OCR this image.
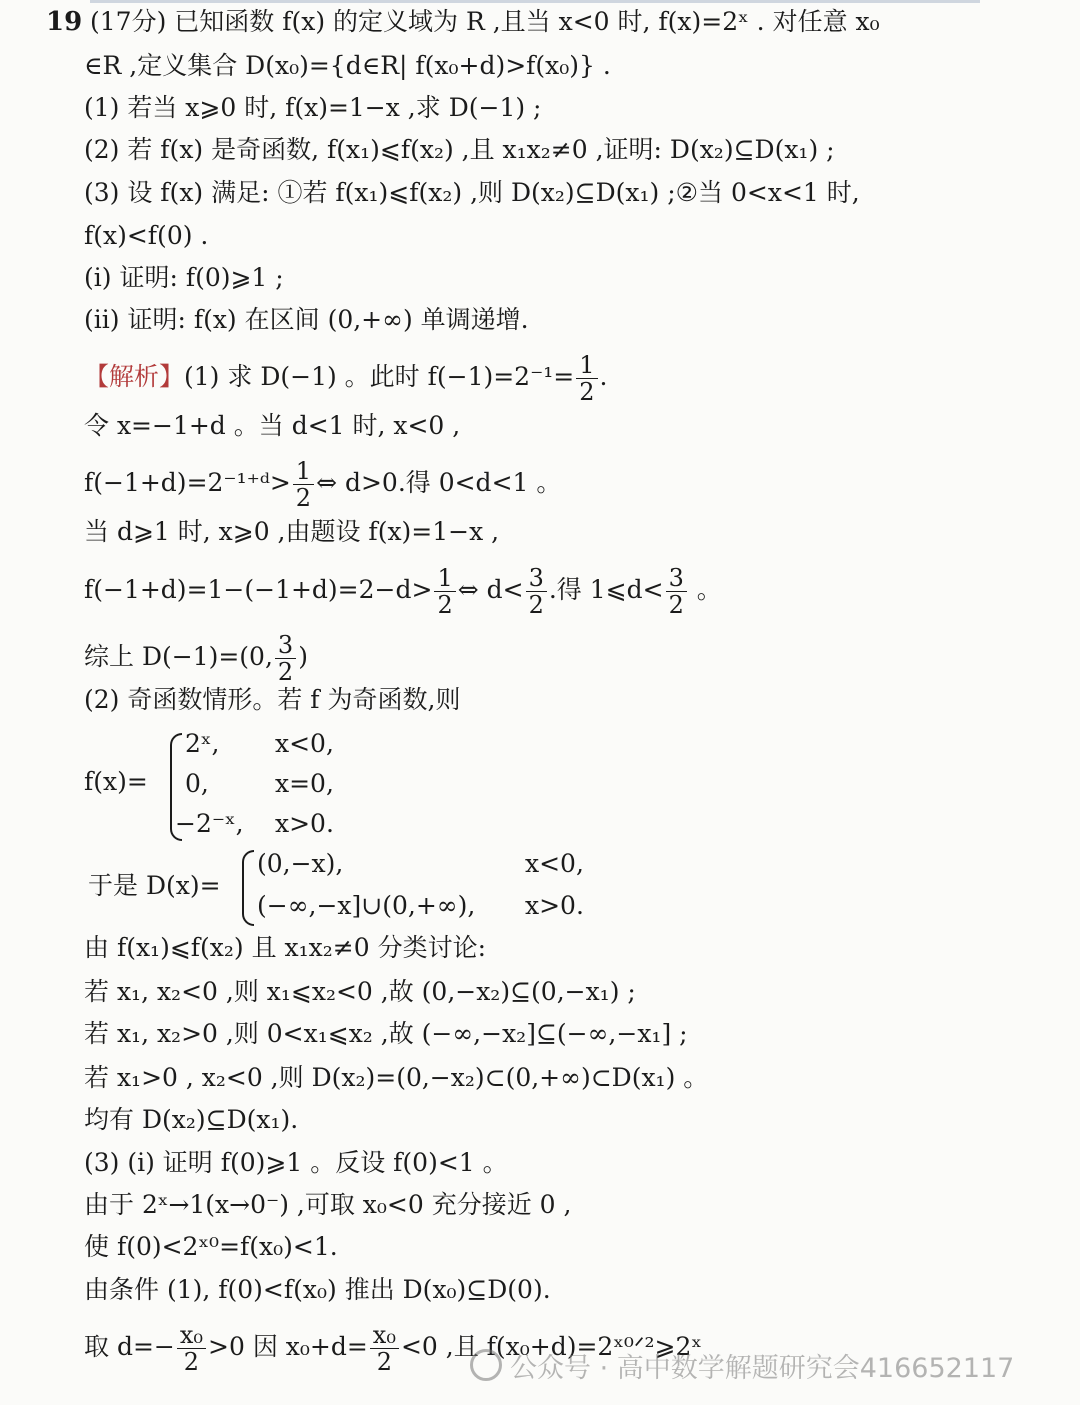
19 (17分) 已知函数 f(x) 的定义域为 R ,且当 x<0 时, f(x)=2ˣ . 对任意 x₀
∈R ,定义集合 D(x₀)={d∈R| f(x₀+d)>f(x₀)} .
(1) 若当 x⩾0 时, f(x)=1−x ,求 D(−1) ;
(2) 若 f(x) 是奇函数, f(x₁)⩽f(x₂) ,且 x₁x₂≠0 ,证明: D(x₂)⊆D(x₁) ;
(3) 设 f(x) 满足: ①若 f(x₁)⩽f(x₂) ,则 D(x₂)⊆D(x₁) ;②当 0<x<1 时,
f(x)<f(0) .
(i) 证明: f(0)⩾1 ;
(ii) 证明: f(x) 在区间 (0,+∞) 单调递增.
【解析】(1) 求 D(−1) 。此时 $f(-1)=2^{-1}= \frac{1}{2}$ .
令 x=−1+d 。当 d<1 时, x<0 ,
f(−1+d)=2⁻¹⁺ᵈ> $\frac{1}{2}$ ⇔ d>0.得 0<d<1 。
当 d⩾1 时, x⩾0 ,由题设 f(x)=1−x ,
$f(-1+d)=1-(-1+d)=2-d> \frac{1}{2}$ ⇔ $d< \frac{3}{2}$ .得 1⩽d< $\frac{3}{2}$ 。
综上 D(−1)=(0, $\frac{3}{2}$ )
(2) 奇函数情形。若 f 为奇函数,则
f(x)=
2ˣ, x<0,
0,	x=0,
−2⁻ˣ, x>0.
于是 D(x)=
(0,−x),	x<0,
(−∞,−x]∪(0,+∞), x>0.
由 f(x₁)⩽f(x₂) 且 x₁x₂≠0 分类讨论:
若 x₁, x₂<0 ,则 x₁⩽x₂<0 ,故 (0,−x₂)⊆(0,−x₁) ;
若 x₁, x₂>0 ,则 0<x₁⩽x₂ ,故 (−∞,−x₂]⊆(−∞,−x₁] ;
若 x₁>0 , x₂<0 ,则 D(x₂)=(0,−x₂)⊂(0,+∞)⊂D(x₁) 。
均有 D(x₂)⊆D(x₁).
(3) (i) 证明 f(0)⩾1 。反设 f(0)<1 。
由于 2ˣ→1(x→0⁻) ,可取 x₀<0 充分接近 0 ,
使 f(0)<2ˣ⁰=f(x₀)<1.
由条件 (1), f(0)<f(x₀) 推出 D(x₀)⊆D(0).
取 $d=- \frac{\text{x₀}}{2} >0$ 因 $x_0+d= \frac{\text{x₀}}{2} <0$ ,且 f(x₀+d)=2ˣ⁰ᐟ²⩾2ˣ
公众号 · 高中数学解题研究会416652117
